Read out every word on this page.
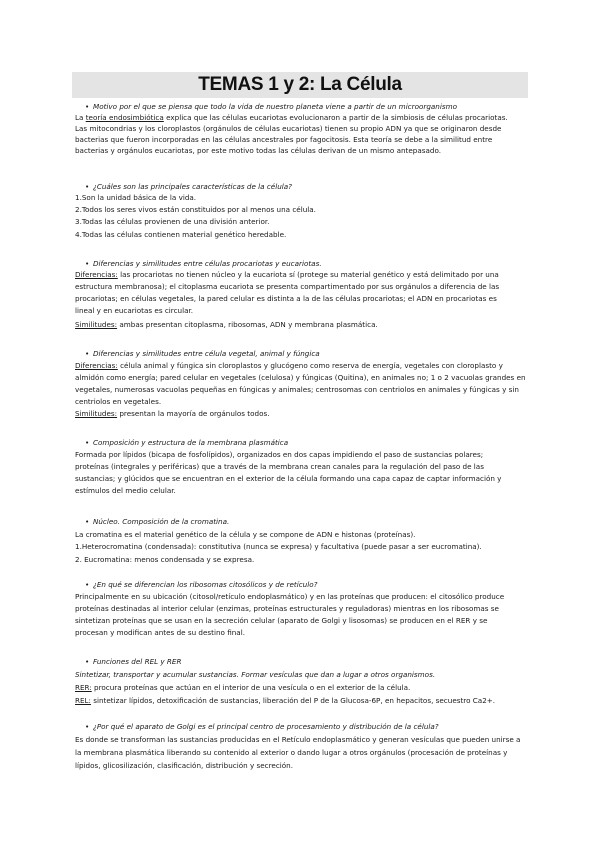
TEMAS 1 y 2: La Célula
• Motivo por el que se piensa que todo la vida de nuestro planeta viene a partir de un microorganismo
La teoría endosimbiótica explica que las células eucariotas evolucionaron a partir de la simbiosis de células procariotas.
Las mitocondrias y los cloroplastos (orgánulos de células eucariotas) tienen su propio ADN ya que se originaron desde
bacterias que fueron incorporadas en las células ancestrales por fagocitosis. Esta teoría se debe a la similitud entre
bacterias y orgánulos eucariotas, por este motivo todas las células derivan de un mismo antepasado.
• ¿Cuáles son las principales características de la célula?
1.Son la unidad básica de la vida.
2.Todos los seres vivos están constituidos por al menos una célula.
3.Todas las células provienen de una división anterior.
4.Todas las células contienen material genético heredable.
• Diferencias y similitudes entre células procariotas y eucariotas.
Diferencias: las procariotas no tienen núcleo y la eucariota sí (protege su material genético y está delimitado por una
estructura membranosa); el citoplasma eucariota se presenta compartimentado por sus orgánulos a diferencia de las
procariotas; en células vegetales, la pared celular es distinta a la de las células procariotas; el ADN en procariotas es
lineal y en eucariotas es circular.
Similitudes: ambas presentan citoplasma, ribosomas, ADN y membrana plasmática.
• Diferencias y similitudes entre célula vegetal, animal y fúngica
Diferencias: célula animal y fúngica sin cloroplastos y glucógeno como reserva de energía, vegetales con cloroplasto y
almidón como energía; pared celular en vegetales (celulosa) y fúngicas (Quitina), en animales no; 1 o 2 vacuolas grandes en
vegetales, numerosas vacuolas pequeñas en fúngicas y animales; centrosomas con centriolos en animales y fúngicas y sin
centriolos en vegetales.
Similitudes: presentan la mayoría de orgánulos todos.
• Composición y estructura de la membrana plasmática
Formada por lípidos (bicapa de fosfolípidos), organizados en dos capas impidiendo el paso de sustancias polares;
proteínas (integrales y periféricas) que a través de la membrana crean canales para la regulación del paso de las
sustancias; y glúcidos que se encuentran en el exterior de la célula formando una capa capaz de captar información y
estímulos del medio celular.
• Núcleo. Composición de la cromatina.
La cromatina es el material genético de la célula y se compone de ADN e histonas (proteínas).
1.Heterocromatina (condensada): constitutiva (nunca se expresa) y facultativa (puede pasar a ser eucromatina).
2. Eucromatina: menos condensada y se expresa.
• ¿En qué se diferencian los ribosomas citosólicos y de retículo?
Principalmente en su ubicación (citosol/retículo endoplasmático) y en las proteínas que producen: el citosólico produce
proteínas destinadas al interior celular (enzimas, proteínas estructurales y reguladoras) mientras en los ribosomas se
sintetizan proteínas que se usan en la secreción celular (aparato de Golgi y lisosomas) se producen en el RER y se
procesan y modifican antes de su destino final.
• Funciones del REL y RER
Sintetizar, transportar y acumular sustancias. Formar vesículas que dan a lugar a otros organismos.
RER: procura proteínas que actúan en el interior de una vesícula o en el exterior de la célula.
REL: sintetizar lípidos, detoxificación de sustancias, liberación del P de la Glucosa-6P, en hepacitos, secuestro Ca2+.
• ¿Por qué el aparato de Golgi es el principal centro de procesamiento y distribución de la célula?
Es donde se transforman las sustancias producidas en el Retículo endoplasmático y generan vesículas que pueden unirse a
la membrana plasmática liberando su contenido al exterior o dando lugar a otros orgánulos (procesación de proteínas y
lípidos, glicosilización, clasificación, distribución y secreción.
